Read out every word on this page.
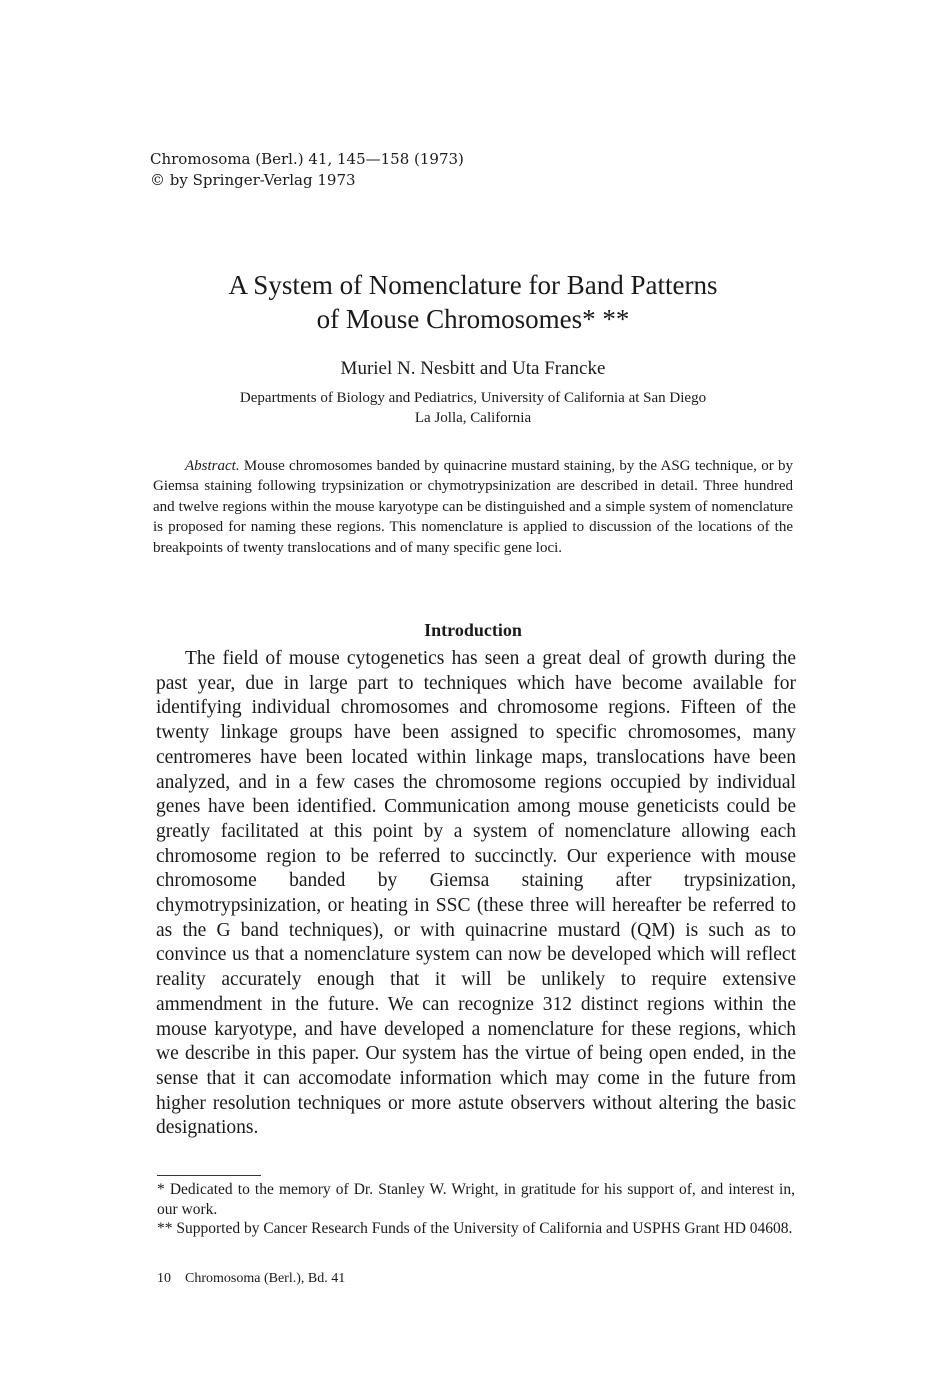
Chromosoma (Berl.) 41, 145—158 (1973)
© by Springer-Verlag 1973
A System of Nomenclature for Band Patterns
of Mouse Chromosomes* **
Muriel N. Nesbitt and Uta Francke
Departments of Biology and Pediatrics, University of California at San Diego
La Jolla, California
Abstract. Mouse chromosomes banded by quinacrine mustard staining, by the ASG technique, or by Giemsa staining following trypsinization or chymotrypsinization are described in detail. Three hundred and twelve regions within the mouse karyotype can be distinguished and a simple system of nomenclature is proposed for naming these regions. This nomenclature is applied to discussion of the locations of the breakpoints of twenty translocations and of many specific gene loci.
Introduction
The field of mouse cytogenetics has seen a great deal of growth during the past year, due in large part to techniques which have become available for identifying individual chromosomes and chromosome regions. Fifteen of the twenty linkage groups have been assigned to specific chromosomes, many centromeres have been located within linkage maps, translocations have been analyzed, and in a few cases the chromosome regions occupied by individual genes have been identified. Communication among mouse geneticists could be greatly facilitated at this point by a system of nomenclature allowing each chromosome region to be referred to succinctly. Our experience with mouse chromosome banded by Giemsa staining after trypsinization, chymotrypsinization, or heating in SSC (these three will hereafter be referred to as the G band techniques), or with quinacrine mustard (QM) is such as to convince us that a nomenclature system can now be developed which will reflect reality accurately enough that it will be unlikely to require extensive ammendment in the future. We can recognize 312 distinct regions within the mouse karyotype, and have developed a nomenclature for these regions, which we describe in this paper. Our system has the virtue of being open ended, in the sense that it can accomodate information which may come in the future from higher resolution techniques or more astute observers without altering the basic designations.

* Dedicated to the memory of Dr. Stanley W. Wright, in gratitude for his support of, and interest in, our work.

** Supported by Cancer Research Funds of the University of California and USPHS Grant HD 04608.

10 Chromosoma (Berl.), Bd. 41
